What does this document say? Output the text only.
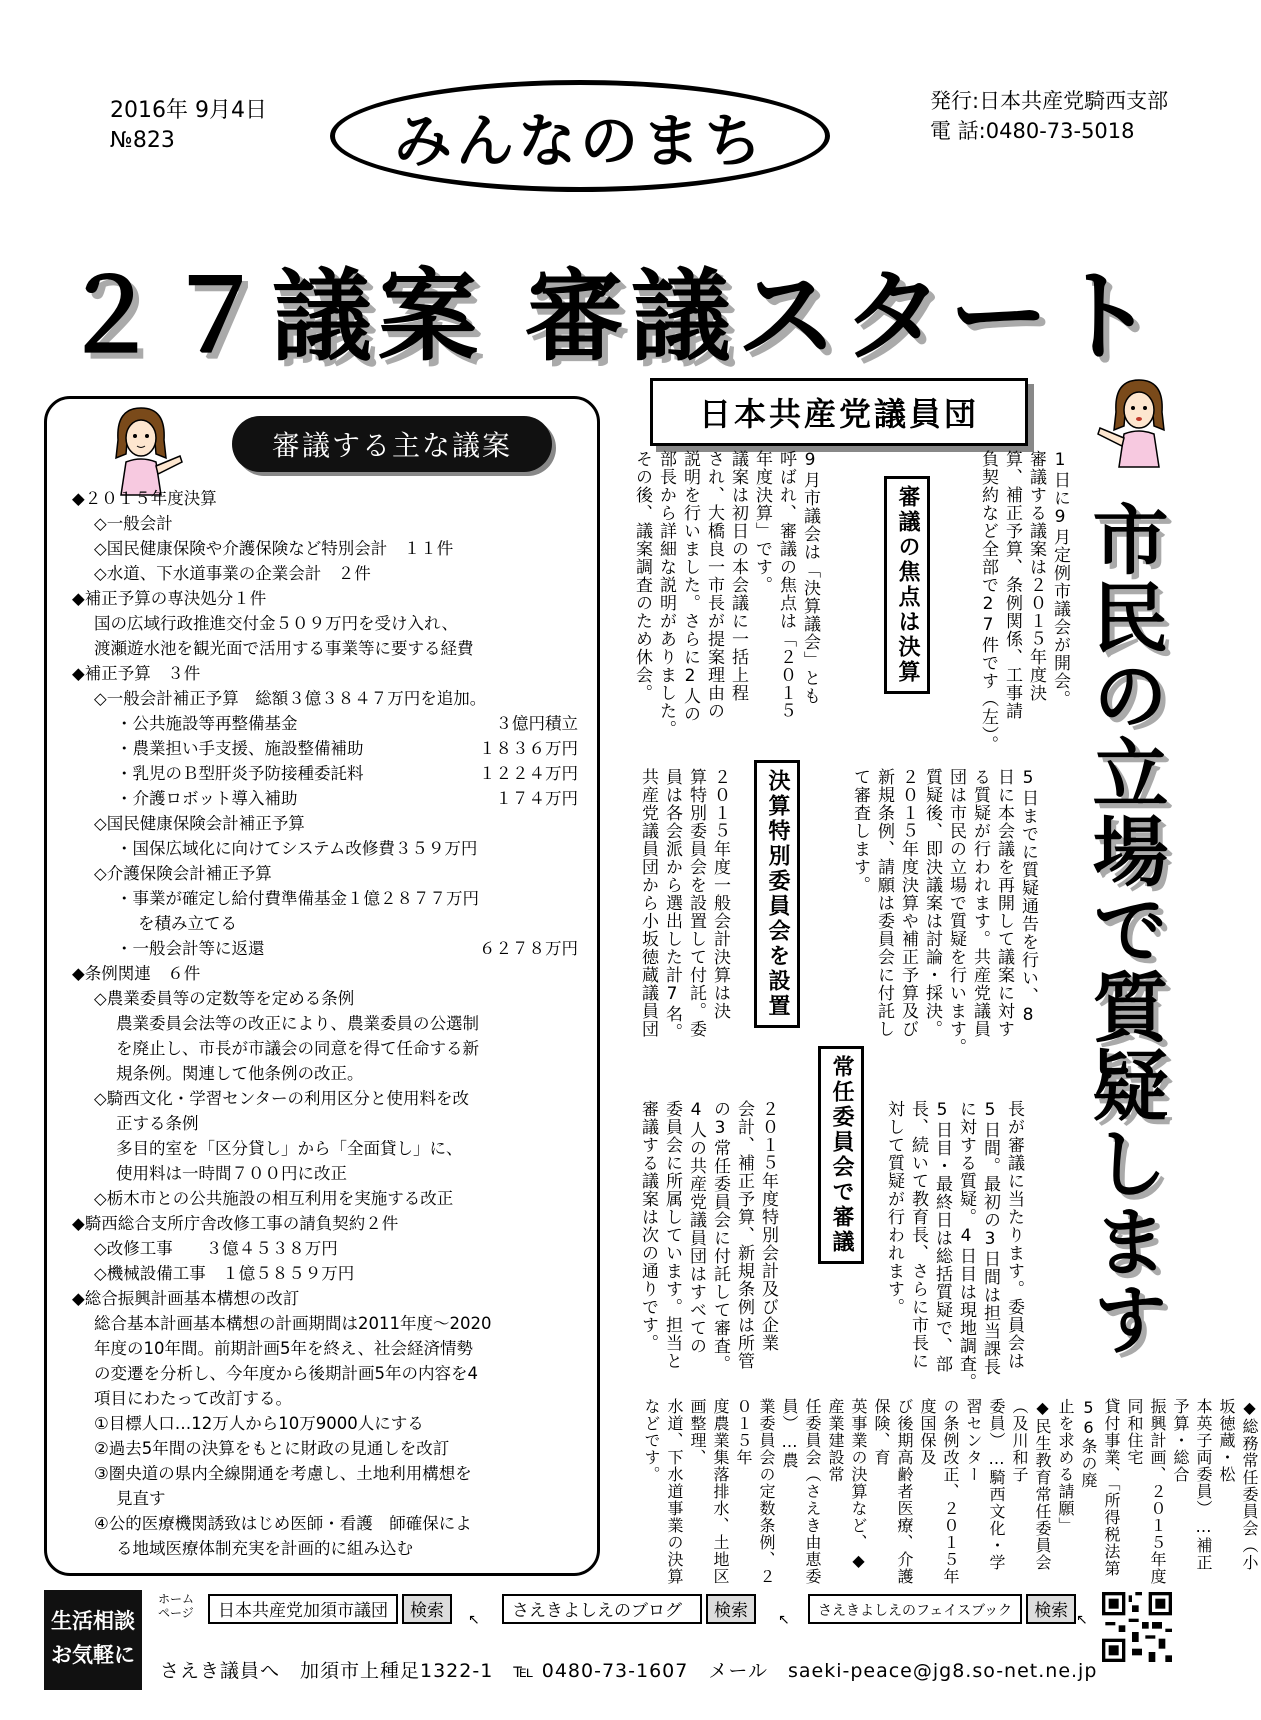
2016年 9月4日
№823	みんなのまち
発行:日本共産党騎西支部
電 話:0480-73-5018
２７議案 審議スタート
審議する主な議案
◆２０１５年度決算
◇一般会計
◇国民健康保険や介護保険など特別会計　１１件
◇水道、下水道事業の企業会計　２件
◆補正予算の専決処分１件
国の広域行政推進交付金５０９万円を受け入れ、
渡瀬遊水池を観光面で活用する事業等に要する経費
◆補正予算　３件
◇一般会計補正予算　総額３億３８４７万円を追加。
・公共施設等再整備基金	３億円積立
・農業担い手支援、施設整備補助	１８３６万円
・乳児のＢ型肝炎予防接種委託料	１２２４万円
・介護ロボット導入補助	１７４万円
◇国民健康保険会計補正予算
・国保広域化に向けてシステム改修費３５９万円
◇介護保険会計補正予算
・事業が確定し給付費準備基金１億２８７７万円
を積み立てる
・一般会計等に返還	６２７８万円
◆条例関連　６件
◇農業委員等の定数等を定める条例
農業委員会法等の改正により、農業委員の公選制
を廃止し、市長が市議会の同意を得て任命する新
規条例。関連して他条例の改正。
◇騎西文化・学習センターの利用区分と使用料を改
正する条例
多目的室を「区分貸し」から「全面貸し」に、
使用料は一時間７００円に改正
◇栃木市との公共施設の相互利用を実施する改正
◆騎西総合支所庁舎改修工事の請負契約２件
◇改修工事　　３億４５３８万円
◇機械設備工事　１億５８５９万円
◆総合振興計画基本構想の改訂
総合基本計画基本構想の計画期間は2011年度～2020
年度の10年間。前期計画5年を終え、社会経済情勢
の変遷を分析し、今年度から後期計画5年の内容を4
項目にわたって改訂する。
①目標人口…12万人から10万9000人にする
②過去5年間の決算をもとに財政の見通しを改訂
③圏央道の県内全線開通を考慮し、土地利用構想を
見直す
④公的医療機関誘致はじめ医師・看護　師確保によ
る地域医療体制充実を計画的に組み込む
日本共産党議員団
市民の立場で質疑します
1日に9月定例市議会が開会。
審議する議案は２０１５年度決
算、補正予算、条例関係、工事請
負契約など全部で27件です（左）。
審議の焦点は決算
9月市議会は「決算議会」とも
呼ばれ、審議の焦点は「２０１５
年度決算」です。
議案は初日の本会議に一括上程
され、大橋良一市長が提案理由の
説明を行いました。さらに2人の
部長から詳細な説明がありました。
その後、議案調査のため休会。
5日までに質疑通告を行い、8
日に本会議を再開して議案に対す
る質疑が行われます。共産党議員
団は市民の立場で質疑を行います。
質疑後、即決議案は討論・採決。
２０１５年度決算や補正予算及び
新規条例、請願は委員会に付託し
て審査します。
決算特別委員会を設置
２０１５年度一般会計決算は決
算特別委員会を設置して付託。委
員は各会派から選出した計7名。
共産党議員団から小坂徳蔵議員団
長が審議に当たります。委員会は
5日間。最初の3日間は担当課長
に対する質疑。4日目は現地調査。
5日目・最終日は総括質疑で、部
長、続いて教育長、さらに市長に
対して質疑が行われます。
常任委員会で審議
２０１５年度特別会計及び企業
会計、補正予算、新規条例は所管
の3常任委員会に付託して審査。
4人の共産党議員団はすべての
委員会に所属しています。担当と
審議する議案は次の通りです。
◆総務常任委員会（小坂徳蔵・松
本英子両委員）…補正予算・総合
振興計画、２０１５年度同和住宅
貸付事業、「所得税法第56条の廃
止を求める請願」
◆民生教育常任委員会（及川和子
委員）…騎西文化・学習センター
の条例改正、２０１５年度国保及
び後期高齢者医療、介護保険、育
英事業の決算など、◆産業建設常
任委員会（さえき由恵委員）…農
業委員会の定数条例、２０１５年
度農業集落排水、土地区画整理、
水道、下水道事業の決算などです。
生活相談
お気軽に
ホーム
ページ	日本共産党加須市議団	検索	さえきよしえのブログ	検索	さえきよしえのフェイスブック	検索
↖	↖	↖
さえき議員へ　加須市上種足1322-1　℡ 0480-73-1607　メール　saeki-peace@jg8.so-net.ne.jp
